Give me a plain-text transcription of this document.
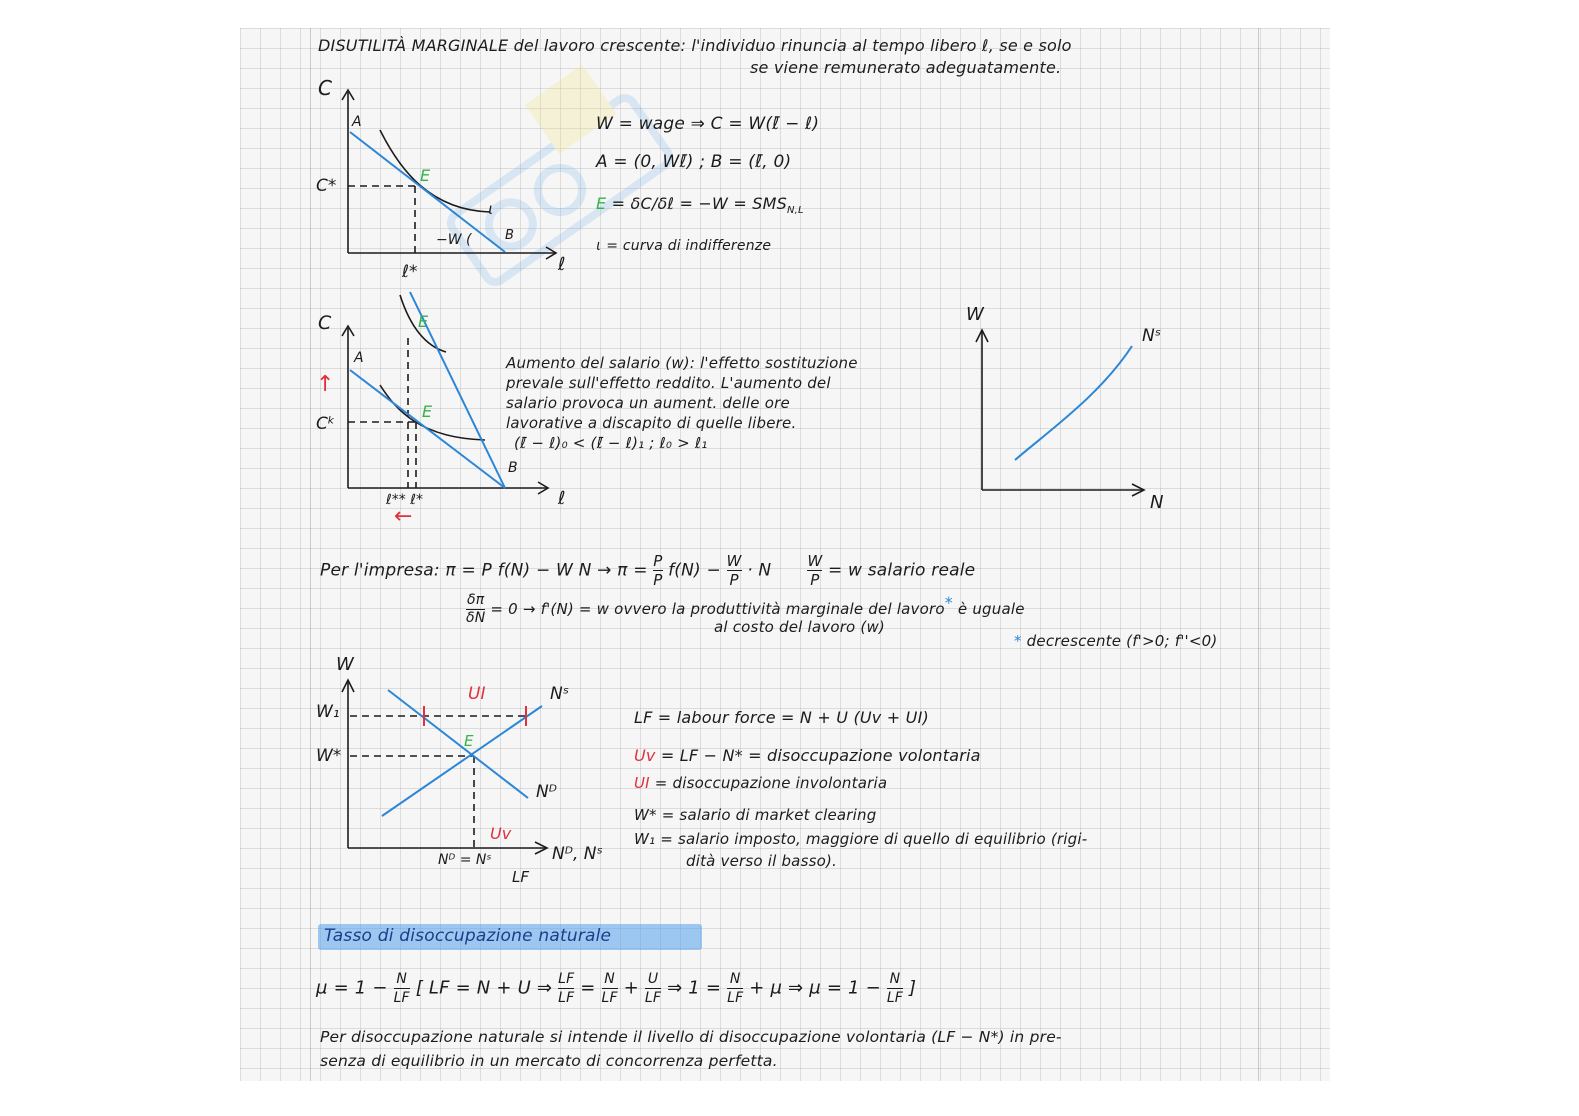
DISUTILITÀ MARGINALE del lavoro crescente: l'individuo rinuncia al tempo libero ℓ, se e solo

se viene remunerato adeguatamente.

C

A

C*

E

ɩ

−W (	B

ℓ

ℓ*

W = wage ⇒ C = W(ℓ̄ − ℓ)

A = (0, Wℓ̄) ; B = (ℓ̄, 0)

E = δC/δℓ = $-W = SMS_{N,L}$

ɩ = curva di indifferenze

C	E

A

↑

Cᵏ

E

B

ℓ

ℓ** ℓ*

←

Aumento del salario (w): l'effetto sostituzione

prevale sull'effetto reddito. L'aumento del

salario provoca un aument. delle ore

lavorative a discapito di quelle libere.

(ℓ̄ − ℓ)₀ < (ℓ̄ − ℓ)₁ ; ℓ₀ > ℓ₁

W

Nˢ

N

Per l'impresa: π = P f(N) − W $N \to \pi = \frac{P}{P} f(N) - \frac{W}{P} \cdot N \frac{W}{P} = w$ salario reale

$\frac{\delta\pi}{\delta N} = 0 \to f'(N) = w$ ovvero la produttività marginale del lavoro* è uguale

al costo del lavoro (w)

* decrescente (f'>0; f''<0)

W

UI	Nˢ

W₁

E

W*

Nᴰ

Uv

Nᴰ, Nˢ

Nᴰ = Nˢ

LF

LF = labour force = N + U (Uv + UI)

Uv = LF − N* = disoccupazione volontaria

UI = disoccupazione involontaria

W* = salario di market clearing

W₁ = salario imposto, maggiore di quello di equilibrio (rigi-

dità verso il basso).

Tasso di disoccupazione naturale

$\mu = 1 - \frac{N}{LF}$ [ LF = N + U ⇒ $\frac{LF}{LF} = \frac{N}{LF} + \frac{U}{LF}$ ⇒ $1 = \frac{N}{LF} + \mu$ ⇒ $\mu = 1 - \frac{N}{LF}$ ]

Per disoccupazione naturale si intende il livello di disoccupazione volontaria (LF − N*) in pre-

senza di equilibrio in un mercato di concorrenza perfetta.
